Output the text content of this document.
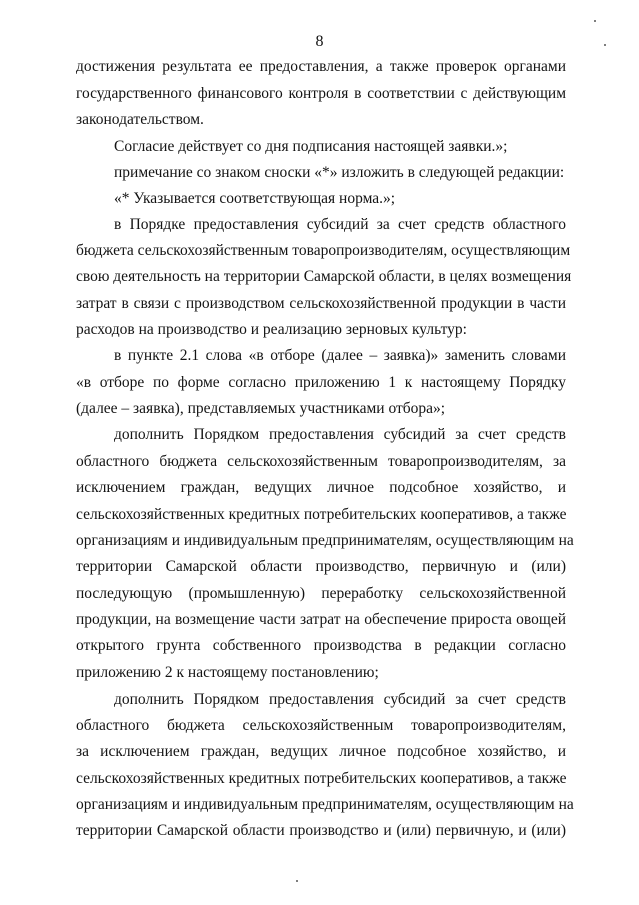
8
достижения результата ее предоставления, а также проверок органами
государственного финансового контроля в соответствии с действующим
законодательством.
Согласие действует со дня подписания настоящей заявки.»;
примечание со знаком сноски «*» изложить в следующей редакции:
«* Указывается соответствующая норма.»;
в Порядке предоставления субсидий за счет средств областного
бюджета сельскохозяйственным товаропроизводителям, осуществляющим
свою деятельность на территории Самарской области, в целях возмещения
затрат в связи с производством сельскохозяйственной продукции в части
расходов на производство и реализацию зерновых культур:
в пункте 2.1 слова «в отборе (далее – заявка)» заменить словами
«в отборе по форме согласно приложению 1 к настоящему Порядку
(далее – заявка), представляемых участниками отбора»;
дополнить Порядком предоставления субсидий за счет средств
областного бюджета сельскохозяйственным товаропроизводителям, за
исключением граждан, ведущих личное подсобное хозяйство, и
сельскохозяйственных кредитных потребительских кооперативов, а также
организациям и индивидуальным предпринимателям, осуществляющим на
территории Самарской области производство, первичную и (или)
последующую (промышленную) переработку сельскохозяйственной
продукции, на возмещение части затрат на обеспечение прироста овощей
открытого грунта собственного производства в редакции согласно
приложению 2 к настоящему постановлению;
дополнить Порядком предоставления субсидий за счет средств
областного бюджета сельскохозяйственным товаропроизводителям,
за исключением граждан, ведущих личное подсобное хозяйство, и
сельскохозяйственных кредитных потребительских кооперативов, а также
организациям и индивидуальным предпринимателям, осуществляющим на
территории Самарской области производство и (или) первичную, и (или)
